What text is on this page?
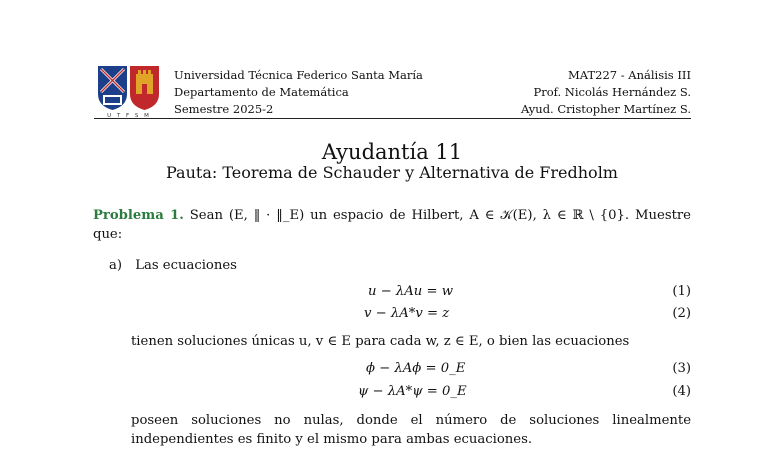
U T F S M
Universidad Técnica Federico Santa María
Departamento de Matemática
Semestre 2025-2
MAT227 - Análisis III
Prof. Nicolás Hernández S.
Ayud. Cristopher Martínez S.
Ayudantía 11
Pauta: Teorema de Schauder y Alternativa de Fredholm
Problema 1. Sean (E, ‖ · ‖_E) un espacio de Hilbert, A ∈ 𝒦(E), λ ∈ ℝ \ {0}. Muestre que:
a) Las ecuaciones
u − λAu = w	(1)
v − λA*v = z	(2)
tienen soluciones únicas u, v ∈ E para cada w, z ∈ E, o bien las ecuaciones
ϕ − λAϕ = 0_E	(3)
ψ − λA*ψ = 0_E	(4)
poseen soluciones no nulas, donde el número de soluciones linealmente independientes es finito y el mismo para ambas ecuaciones.
